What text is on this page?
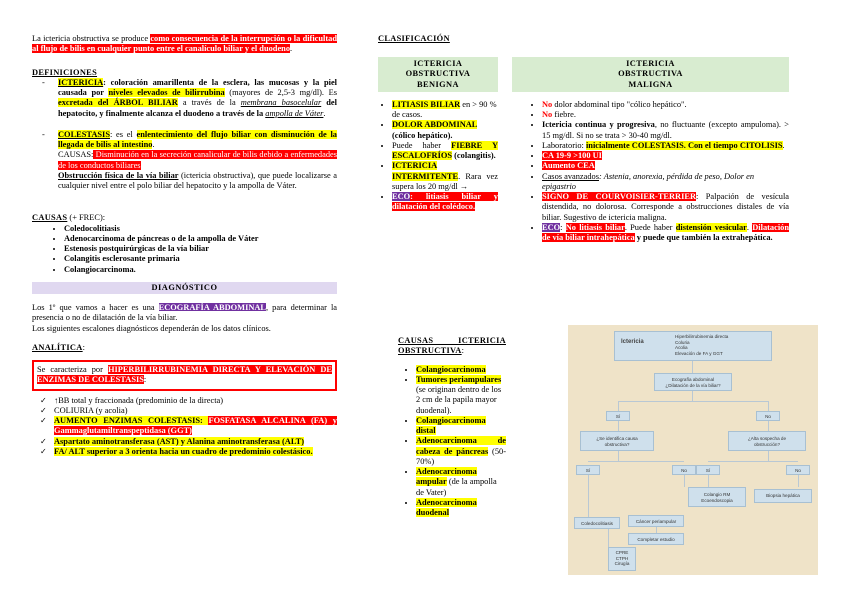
La ictericia obstructiva se produce como consecuencia de la interrupción o la dificultad al flujo de bilis en cualquier punto entre el canalículo biliar y el duodeno.

DEFINICIONES

- ICTERICIA: coloración amarillenta de la esclera, las mucosas y la piel causada por niveles elevados de bilirrubina (mayores de 2,5-3 mg/dl). Es excretada del ÁRBOL BILIAR a través de la membrana basocelular del hepatocito, y finalmente alcanza el duodeno a través de la ampolla de Váter.

- COLESTASIS: es el enlentecimiento del flujo biliar con disminución de la llegada de bilis al intestino.

CAUSAS: Disminución en la secreción canalicular de bilis debido a enfermedades de los conductos biliares

Obstrucción física de la vía biliar (ictericia obstructiva), que puede localizarse a cualquier nivel entre el polo biliar del hepatocito y la ampolla de Váter.

CAUSAS (+ FREC):

• Coledocolitiasis
• Adenocarcinoma de páncreas o de la ampolla de Váter
• Estenosis postquirúrgicas de la vía biliar
• Colangitis esclerosante primaria
• Colangiocarcinoma.
DIAGNÓSTICO

Los 1º que vamos a hacer es una ECOGRAFÍA ABDOMINAL, para determinar la presencia o no de dilatación de la vía biliar.

Los siguientes escalones diagnósticos dependerán de los datos clínicos.

ANALÍTICA:

Se caracteriza por HIPERBILIRRUBINEMIA DIRECTA Y ELEVACIÓN DE ENZIMAS DE COLESTASIS:
✓ ↑BB total y fraccionada (predominio de la directa)
✓ COLIURIA (y acolia)
✓ AUMENTO ENZIMAS COLESTASIS: FOSFATASA ALCALINA (FA) y Gammaglutamiltranspeptidasa (GGT)
✓ Aspartato aminotransferasa (AST) y Alanina aminotransferasa (ALT)
✓ FA/ ALT superior a 3 orienta hacia un cuadro de predominio colestásico.

CLASIFICACIÓN

ICTERICIA
OBSTRUCTIVA
BENIGNA
• LITIASIS BILIAR en > 90 % de casos.
• DOLOR ABDOMINAL (cólico hepático).
• Puede haber FIEBRE Y ESCALOFRÍOS (colangitis).
• ICTERICIA INTERMITENTE. Rara vez supera los 20 mg/dl →
• ECO: litiasis biliar y dilatación del colédoco.
ICTERICIA
OBSTRUCTIVA
MALIGNA
• No dolor abdominal tipo "cólico hepático".
• No fiebre.
• Ictericia continua y progresiva, no fluctuante (excepto ampuloma). > 15 mg/dl. Si no se trata > 30-40 mg/dl.
• Laboratorio: inicialmente COLESTASIS. Con el tiempo CITOLISIS.
• CA 19-9 >100 UI
• Aumento CEA
• Casos avanzados: Astenia, anorexia, pérdida de peso, Dolor en epigastrio
• SIGNO DE COURVOISIER-TERRIER: Palpación de vesícula distendida, no dolorosa. Corresponde a obstrucciones distales de vía biliar. Sugestivo de ictericia maligna.
• ECO: No litiasis biliar. Puede haber distensión vesicular. Dilatación de vía biliar intrahepática y puede que también la extrahepática.

CAUSAS ICTERICIA OBSTRUCTIVA:

• Colangiocarcinoma
• Tumores periampulares (se originan dentro de los 2 cm de la papila mayor duodenal).
• Colangiocarcinoma distal
• Adenocarcinoma de cabeza de páncreas (50-70%)
• Adenocarcinoma ampular (de la ampolla de Vater)
• Adenocarcinoma duodenal
Ictericia
Hiperbilirrubinemia directa
Coluria
Acolia
Elevación de FA y GGT
Ecografía abdominal
¿Dilatación de la vía biliar?
Sí	No
¿Se identifica causa
obstructiva?
¿Alta sospecha de
obstrucción?
Sí	No	Sí	No
Colangio RM
Ecoendoscopia
Biopsia hepática
Coledocolitiasis	Cáncer periampular
Completar estudio
CPRE
CTPH
Cirugía
